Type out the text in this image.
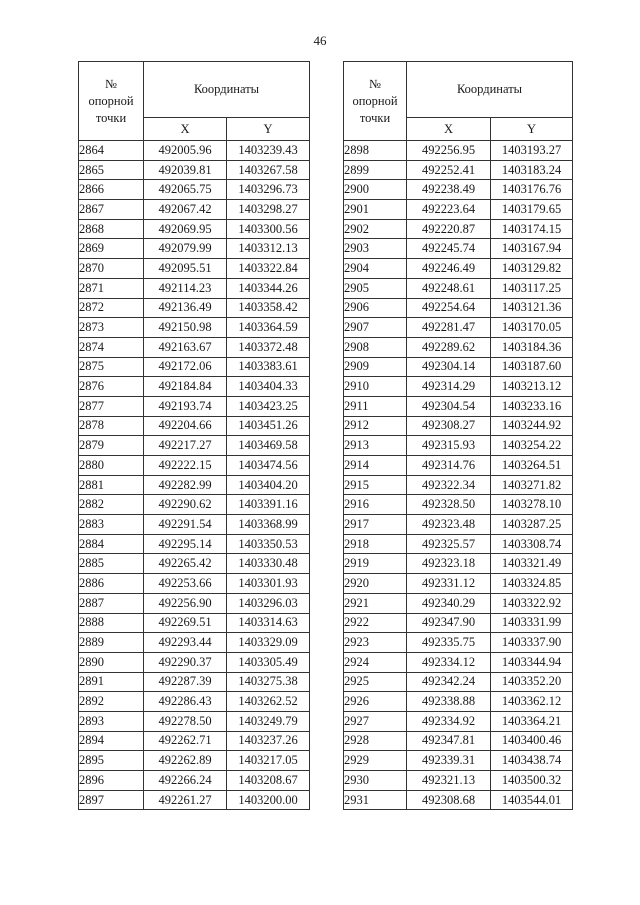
46
№
опорной
точки	Координаты	
	X	Y
2864	492005.96	1403239.43
2865	492039.81	1403267.58
2866	492065.75	1403296.73
2867	492067.42	1403298.27
2868	492069.95	1403300.56
2869	492079.99	1403312.13
2870	492095.51	1403322.84
2871	492114.23	1403344.26
2872	492136.49	1403358.42
2873	492150.98	1403364.59
2874	492163.67	1403372.48
2875	492172.06	1403383.61
2876	492184.84	1403404.33
2877	492193.74	1403423.25
2878	492204.66	1403451.26
2879	492217.27	1403469.58
2880	492222.15	1403474.56
2881	492282.99	1403404.20
2882	492290.62	1403391.16
2883	492291.54	1403368.99
2884	492295.14	1403350.53
2885	492265.42	1403330.48
2886	492253.66	1403301.93
2887	492256.90	1403296.03
2888	492269.51	1403314.63
2889	492293.44	1403329.09
2890	492290.37	1403305.49
2891	492287.39	1403275.38
2892	492286.43	1403262.52
2893	492278.50	1403249.79
2894	492262.71	1403237.26
2895	492262.89	1403217.05
2896	492266.24	1403208.67
2897	492261.27	1403200.00
№
опорной
точки	Координаты	
	X	Y
2898	492256.95	1403193.27
2899	492252.41	1403183.24
2900	492238.49	1403176.76
2901	492223.64	1403179.65
2902	492220.87	1403174.15
2903	492245.74	1403167.94
2904	492246.49	1403129.82
2905	492248.61	1403117.25
2906	492254.64	1403121.36
2907	492281.47	1403170.05
2908	492289.62	1403184.36
2909	492304.14	1403187.60
2910	492314.29	1403213.12
2911	492304.54	1403233.16
2912	492308.27	1403244.92
2913	492315.93	1403254.22
2914	492314.76	1403264.51
2915	492322.34	1403271.82
2916	492328.50	1403278.10
2917	492323.48	1403287.25
2918	492325.57	1403308.74
2919	492323.18	1403321.49
2920	492331.12	1403324.85
2921	492340.29	1403322.92
2922	492347.90	1403331.99
2923	492335.75	1403337.90
2924	492334.12	1403344.94
2925	492342.24	1403352.20
2926	492338.88	1403362.12
2927	492334.92	1403364.21
2928	492347.81	1403400.46
2929	492339.31	1403438.74
2930	492321.13	1403500.32
2931	492308.68	1403544.01
